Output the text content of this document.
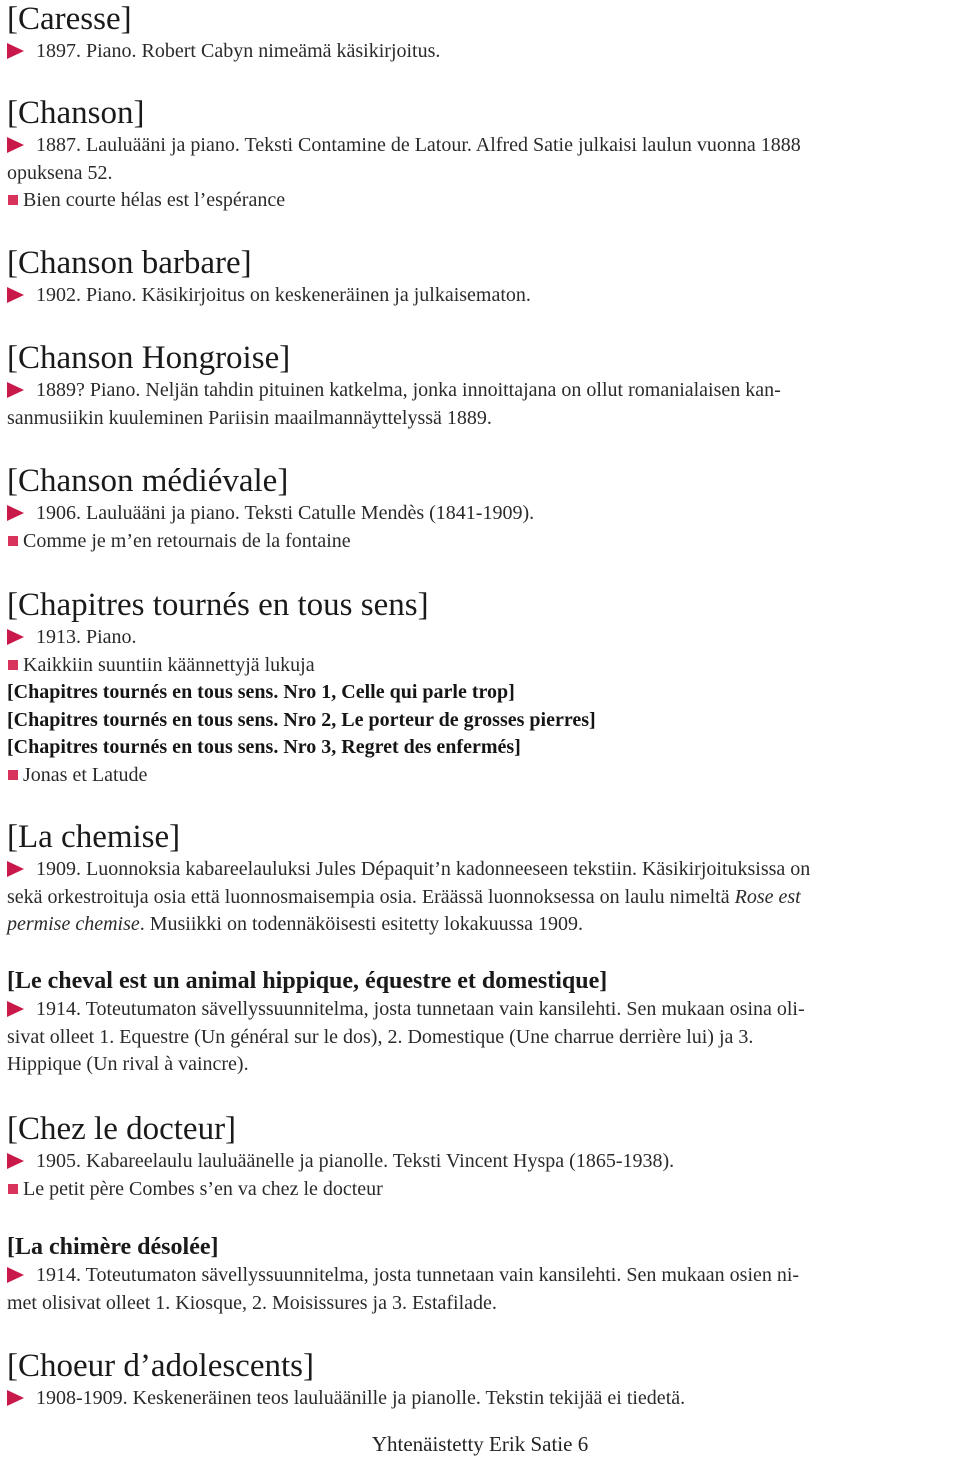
[Caresse]

1897. Piano. Robert Cabyn nimeämä käsikirjoitus.

[Chanson]

1887. Lauluääni ja piano. Teksti Contamine de Latour. Alfred Satie julkaisi laulun vuonna 1888

opuksena 52.

Bien courte hélas est l’espérance

[Chanson barbare]

1902. Piano. Käsikirjoitus on keskeneräinen ja julkaisematon.

[Chanson Hongroise]

1889? Piano. Neljän tahdin pituinen katkelma, jonka innoittajana on ollut romanialaisen kan-

sanmusiikin kuuleminen Pariisin maailmannäyttelyssä 1889.

[Chanson médiévale]

1906. Lauluääni ja piano. Teksti Catulle Mendès (1841-1909).

Comme je m’en retournais de la fontaine

[Chapitres tournés en tous sens]

1913. Piano.

Kaikkiin suuntiin käännettyjä lukuja

[Chapitres tournés en tous sens. Nro 1, Celle qui parle trop]

[Chapitres tournés en tous sens. Nro 2, Le porteur de grosses pierres]

[Chapitres tournés en tous sens. Nro 3, Regret des enfermés]

Jonas et Latude

[La chemise]

1909. Luonnoksia kabareelauluksi Jules Dépaquit’n kadonneeseen tekstiin. Käsikirjoituksissa on

sekä orkestroituja osia että luonnosmaisempia osia. Eräässä luonnoksessa on laulu nimeltä Rose est

permise chemise. Musiikki on todennäköisesti esitetty lokakuussa 1909.

[Le cheval est un animal hippique, équestre et domestique]

1914. Toteutumaton sävellyssuunnitelma, josta tunnetaan vain kansilehti. Sen mukaan osina oli-

sivat olleet 1. Equestre (Un général sur le dos), 2. Domestique (Une charrue derrière lui) ja 3.

Hippique (Un rival à vaincre).

[Chez le docteur]

1905. Kabareelaulu lauluäänelle ja pianolle. Teksti Vincent Hyspa (1865-1938).

Le petit père Combes s’en va chez le docteur

[La chimère désolée]

1914. Toteutumaton sävellyssuunnitelma, josta tunnetaan vain kansilehti. Sen mukaan osien ni-

met olisivat olleet 1. Kiosque, 2. Moisissures ja 3. Estafilade.

[Choeur d’adolescents]

1908-1909. Keskeneräinen teos lauluäänille ja pianolle. Tekstin tekijää ei tiedetä.

Yhtenäistetty Erik Satie 6
